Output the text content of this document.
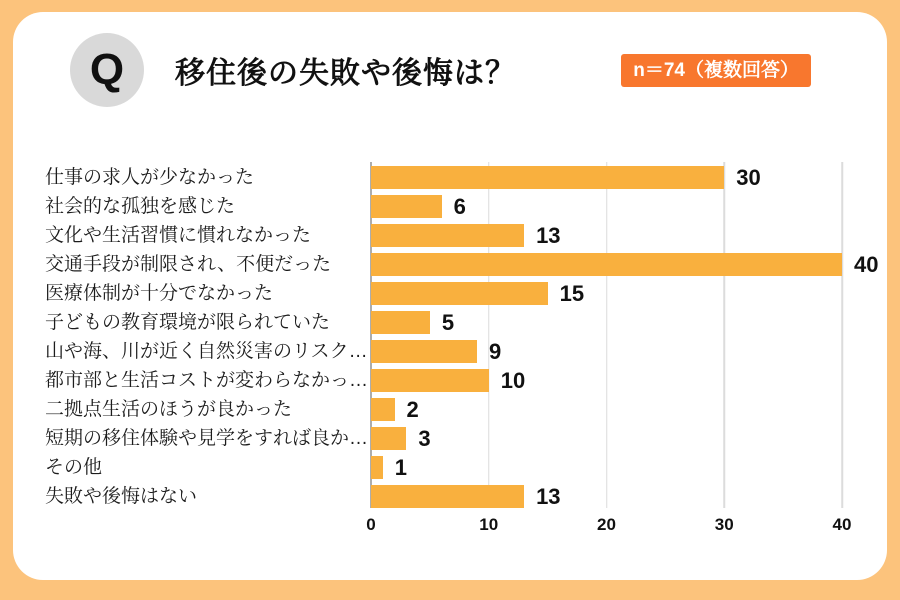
Q 移住後の失敗や後悔は？	n＝74（複数回答）
仕事の求人が少なかった	30
社会的な孤独を感じた	6
文化や生活習慣に慣れなかった	13
交通手段が制限され、不便だった	40
医療体制が十分でなかった	15
子どもの教育環境が限られていた	5
山や海、川が近く自然災害のリスク…	9
都市部と生活コストが変わらなかっ…	10
二拠点生活のほうが良かった	2
短期の移住体験や見学をすれば良か… 3
その他	1
失敗や後悔はない	13
0	10	20	30	40
